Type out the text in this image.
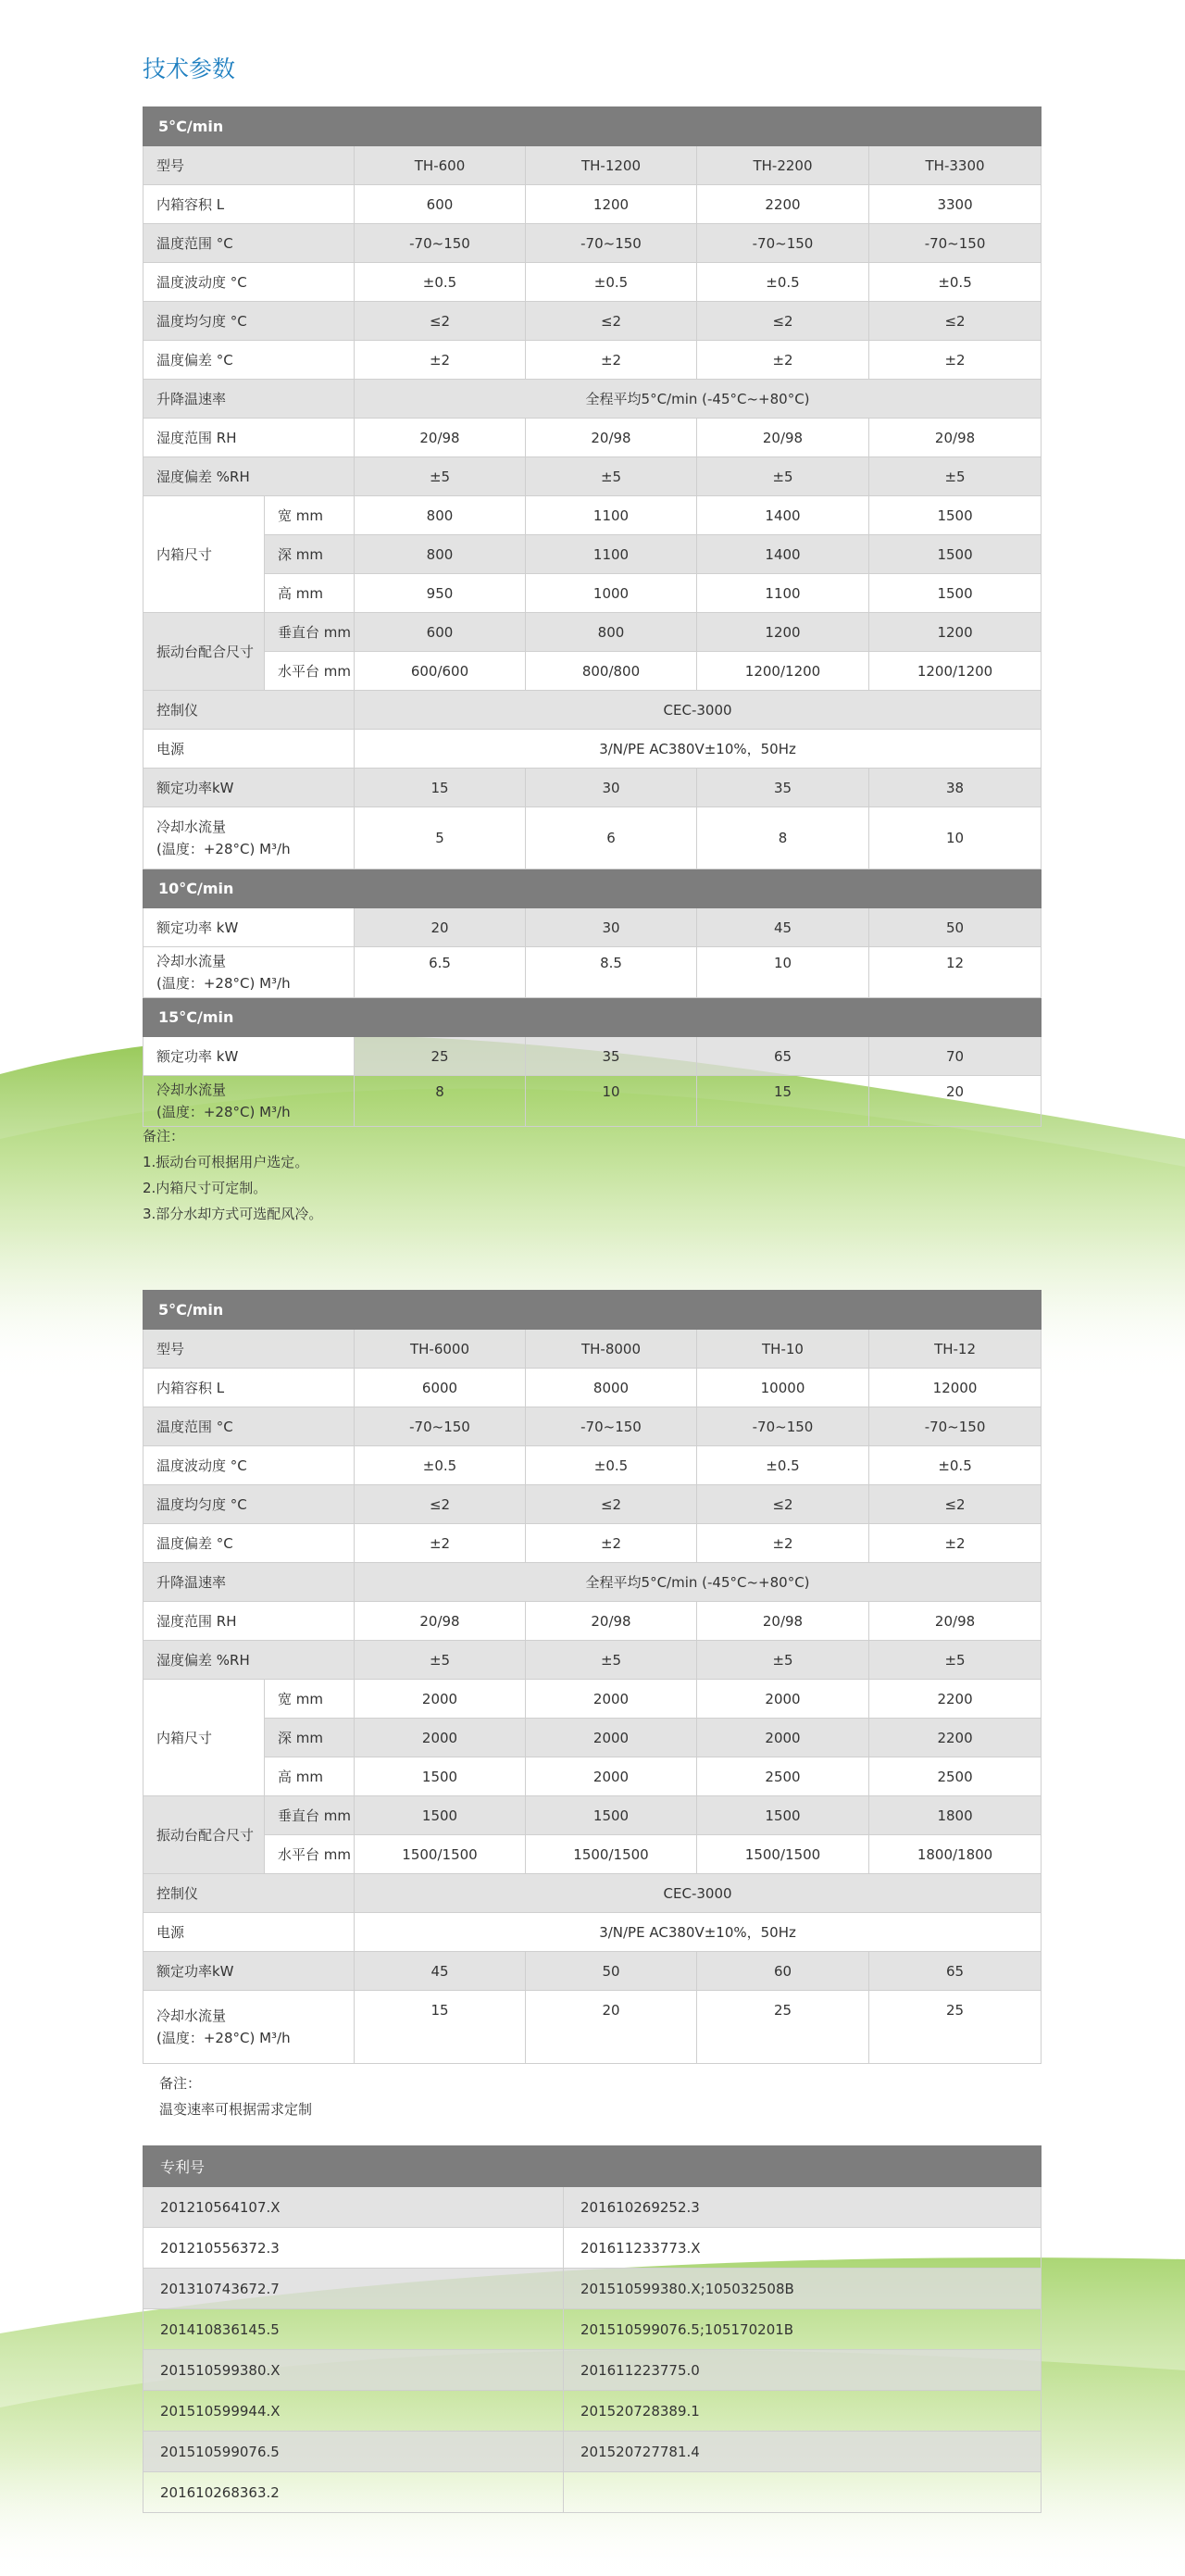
技术参数
5°C/min					
型号		TH-600	TH-1200	TH-2200	TH-3300
内箱容积 L		600	1200	2200	3300
温度范围 °C		-70~150	-70~150	-70~150	-70~150
温度波动度 °C		±0.5	±0.5	±0.5	±0.5
温度均匀度 °C		≤2	≤2	≤2	≤2
温度偏差 °C		±2	±2	±2	±2
升降温速率		全程平均5°C/min (-45°C~+80°C)			
湿度范围 RH		20/98	20/98	20/98	20/98
湿度偏差 %RH		±5	±5	±5	±5
内箱尺寸	宽 mm	800	1100	1400	1500
	深 mm	800	1100	1400	1500
	高 mm	950	1000	1100	1500
振动台配合尺寸	垂直台 mm	600	800	1200	1200
	水平台 mm	600/600	800/800	1200/1200	1200/1200
控制仪		CEC-3000			
电源		3/N/PE AC380V±10%，50Hz			
额定功率kW		15	30	35	38

冷却水流量
(温度：+28°C) M³/h		5	6	8	10
10°C/min					
额定功率 kW		20	30	45	50

冷却水流量
(温度：+28°C) M³/h		6.5	8.5	10	12
15°C/min					
额定功率 kW		25	35	65	70

冷却水流量
(温度：+28°C) M³/h		8	10	15	20
备注：
1.振动台可根据用户选定。
2.内箱尺寸可定制。
3.部分水却方式可选配风冷。
5°C/min					
型号		TH-6000	TH-8000	TH-10	TH-12
内箱容积 L		6000	8000	10000	12000
温度范围 °C		-70~150	-70~150	-70~150	-70~150
温度波动度 °C		±0.5	±0.5	±0.5	±0.5
温度均匀度 °C		≤2	≤2	≤2	≤2
温度偏差 °C		±2	±2	±2	±2
升降温速率		全程平均5°C/min (-45°C~+80°C)			
湿度范围 RH		20/98	20/98	20/98	20/98
湿度偏差 %RH		±5	±5	±5	±5
内箱尺寸	宽 mm	2000	2000	2000	2200
	深 mm	2000	2000	2000	2200
	高 mm	1500	2000	2500	2500
振动台配合尺寸	垂直台 mm	1500	1500	1500	1800
	水平台 mm	1500/1500	1500/1500	1500/1500	1800/1800
控制仪		CEC-3000			
电源		3/N/PE AC380V±10%，50Hz			
额定功率kW		45	50	60	65

冷却水流量
(温度：+28°C) M³/h		15	20	25	25
备注：
温变速率可根据需求定制
专利号	
201210564107.X	201610269252.3
201210556372.3	201611233773.X
201310743672.7	201510599380.X;105032508B
201410836145.5	201510599076.5;105170201B
201510599380.X	201611223775.0
201510599944.X	201520728389.1
201510599076.5	201520727781.4
201610268363.2	
